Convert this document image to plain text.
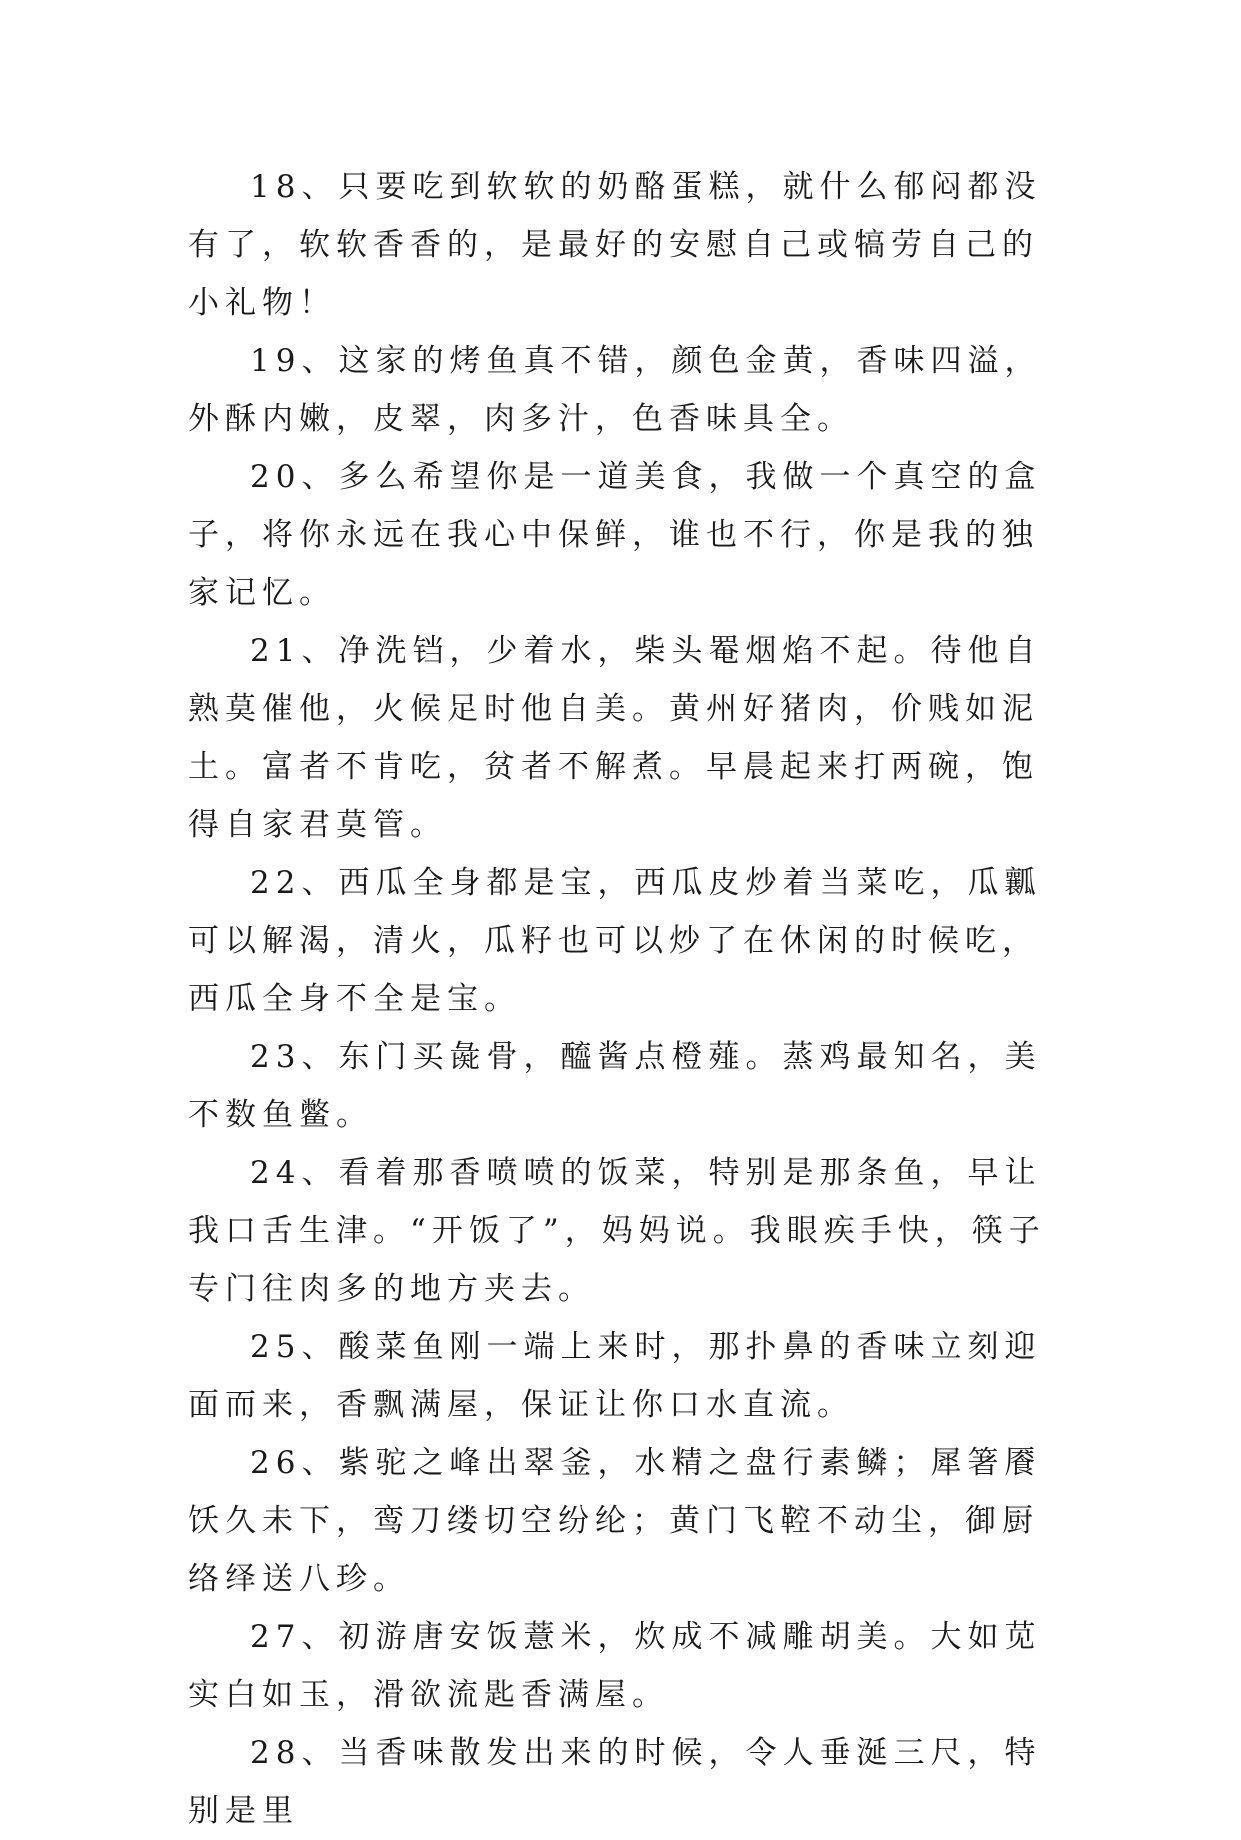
18、只要吃到软软的奶酪蛋糕，就什么郁闷都没有了，软软香香的，是最好的安慰自己或犒劳自己的小礼物！

19、这家的烤鱼真不错，颜色金黄，香味四溢，外酥内嫩，皮翠，肉多汁，色香味具全。

20、多么希望你是一道美食，我做一个真空的盒子，将你永远在我心中保鲜，谁也不行，你是我的独家记忆。

21、净洗铛，少着水，柴头罨烟焰不起。待他自熟莫催他，火候足时他自美。黄州好猪肉，价贱如泥土。富者不肯吃，贫者不解煮。早晨起来打两碗，饱得自家君莫管。

22、西瓜全身都是宝，西瓜皮炒着当菜吃，瓜瓤可以解渴，清火，瓜籽也可以炒了在休闲的时候吃，西瓜全身不全是宝。

23、东门买彘骨，醯酱点橙薤。蒸鸡最知名，美不数鱼鳖。

24、看着那香喷喷的饭菜，特别是那条鱼，早让我口舌生津。“开饭了”，妈妈说。我眼疾手快，筷子专门往肉多的地方夹去。

25、酸菜鱼刚一端上来时，那扑鼻的香味立刻迎面而来，香飘满屋，保证让你口水直流。

26、紫驼之峰出翠釜，水精之盘行素鳞；犀箸餍饫久未下，鸾刀缕切空纷纶；黄门飞鞚不动尘，御厨络绎送八珍。

27、初游唐安饭薏米，炊成不减雕胡美。大如苋实白如玉，滑欲流匙香满屋。

28、当香味散发出来的时候，令人垂涎三尺，特别是里
